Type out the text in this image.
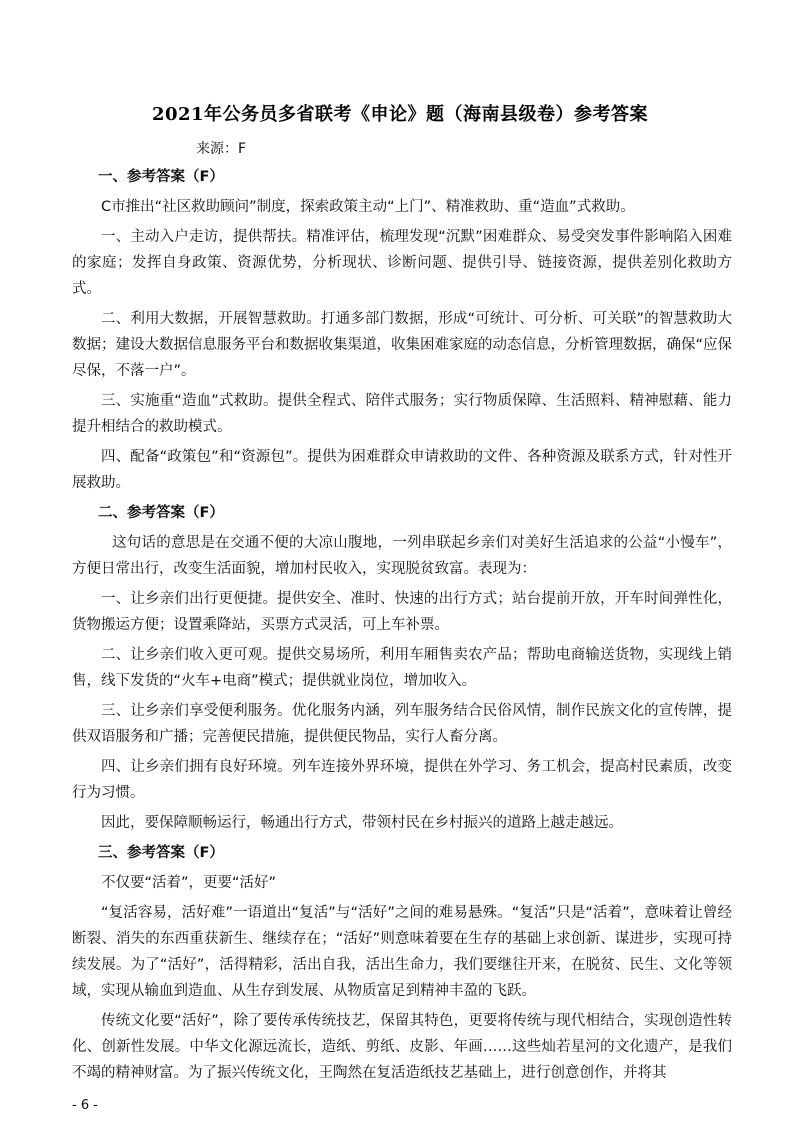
2021年公务员多省联考《申论》题（海南县级卷）参考答案
来源：F
一、参考答案（F）

C市推出“社区救助顾问”制度，探索政策主动“上门”、精准救助、重“造血”式救助。

一、主动入户走访，提供帮扶。精准评估，梳理发现“沉默”困难群众、易受突发事件影响陷入困难的家庭；发挥自身政策、资源优势，分析现状、诊断问题、提供引导、链接资源，提供差别化救助方式。

二、利用大数据，开展智慧救助。打通多部门数据，形成“可统计、可分析、可关联”的智慧救助大数据；建设大数据信息服务平台和数据收集渠道，收集困难家庭的动态信息，分析管理数据，确保“应保尽保，不落一户”。

三、实施重“造血”式救助。提供全程式、陪伴式服务；实行物质保障、生活照料、精神慰藉、能力提升相结合的救助模式。

四、配备“政策包”和“资源包”。提供为困难群众申请救助的文件、各种资源及联系方式，针对性开展救助。

二、参考答案（F）

这句话的意思是在交通不便的大凉山腹地，一列串联起乡亲们对美好生活追求的公益“小慢车”，方便日常出行，改变生活面貌，增加村民收入，实现脱贫致富。表现为：

一、让乡亲们出行更便捷。提供安全、准时、快速的出行方式；站台提前开放，开车时间弹性化，货物搬运方便；设置乘降站，买票方式灵活，可上车补票。

二、让乡亲们收入更可观。提供交易场所，利用车厢售卖农产品；帮助电商输送货物，实现线上销售，线下发货的“火车+电商”模式；提供就业岗位，增加收入。

三、让乡亲们享受便利服务。优化服务内涵，列车服务结合民俗风情，制作民族文化的宣传牌，提供双语服务和广播；完善便民措施，提供便民物品，实行人畜分离。

四、让乡亲们拥有良好环境。列车连接外界环境，提供在外学习、务工机会，提高村民素质，改变行为习惯。

因此，要保障顺畅运行，畅通出行方式，带领村民在乡村振兴的道路上越走越远。

三、参考答案（F）

不仅要“活着”，更要“活好”

“复活容易，活好难”一语道出“复活”与“活好”之间的难易悬殊。“复活”只是“活着”，意味着让曾经断裂、消失的东西重获新生、继续存在；“活好”则意味着要在生存的基础上求创新、谋进步，实现可持续发展。为了“活好”，活得精彩，活出自我，活出生命力，我们要继往开来，在脱贫、民生、文化等领域，实现从输血到造血、从生存到发展、从物质富足到精神丰盈的飞跃。

传统文化要“活好”，除了要传承传统技艺，保留其特色，更要将传统与现代相结合，实现创造性转化、创新性发展。中华文化源远流长，造纸、剪纸、皮影、年画……这些灿若星河的文化遗产，是我们不竭的精神财富。为了振兴传统文化，王陶然在复活造纸技艺基础上，进行创意创作，并将其

- 6 -
